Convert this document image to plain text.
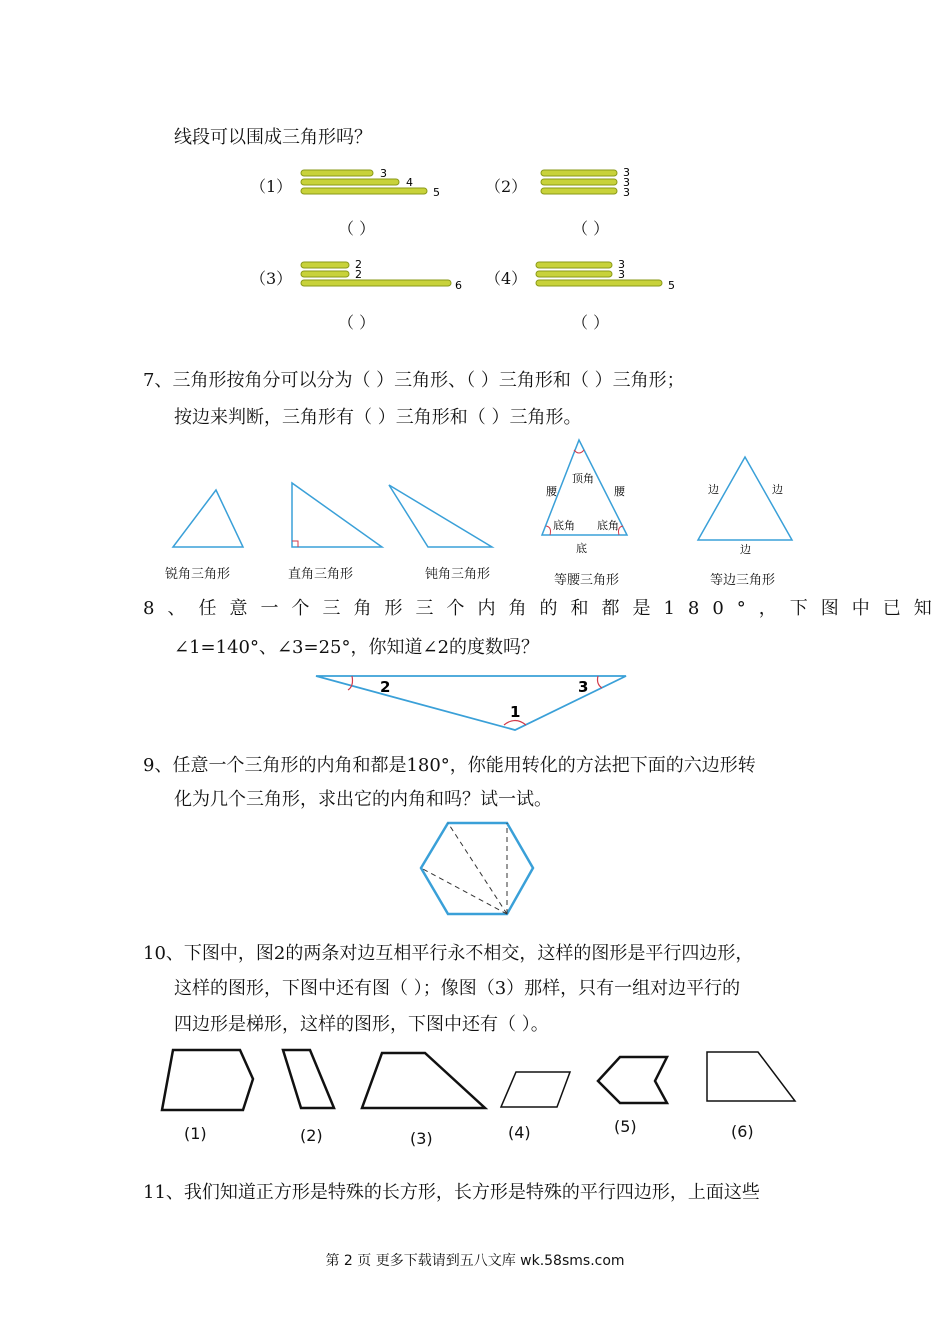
线段可以围成三角形吗？
（1）
3
4
5
（ ）
（2）
3
3
3
（ ）
（3）
2
2
6
（ ）
（4）
3
3
5
（ ）
7、三角形按角分可以分为（ ）三角形、（ ）三角形和（ ）三角形；
按边来判断，三角形有（ ）三角形和（ ）三角形。
顶角
腰	腰
底角 底角
底
边	边
边
锐角三角形	直角三角形	钝角三角形	等腰三角形	等边三角形
8、任意一个三角形三个内角的和都是180°，下图中已知
∠1=140°、∠3=25°，你知道∠2的度数吗？
1
2	3
9、任意一个三角形的内角和都是180°，你能用转化的方法把下面的六边形转
化为几个三角形，求出它的内角和吗？试一试。
10、下图中，图2的两条对边互相平行永不相交，这样的图形是平行四边形，
这样的图形，下图中还有图（ ）；像图（3）那样，只有一组对边平行的
四边形是梯形，这样的图形，下图中还有（ ）。
(1)	(2)	(3)	(4)	(5)	(6)
11、我们知道正方形是特殊的长方形，长方形是特殊的平行四边形，上面这些
第 2 页 更多下载请到五八文库 wk.58sms.com
